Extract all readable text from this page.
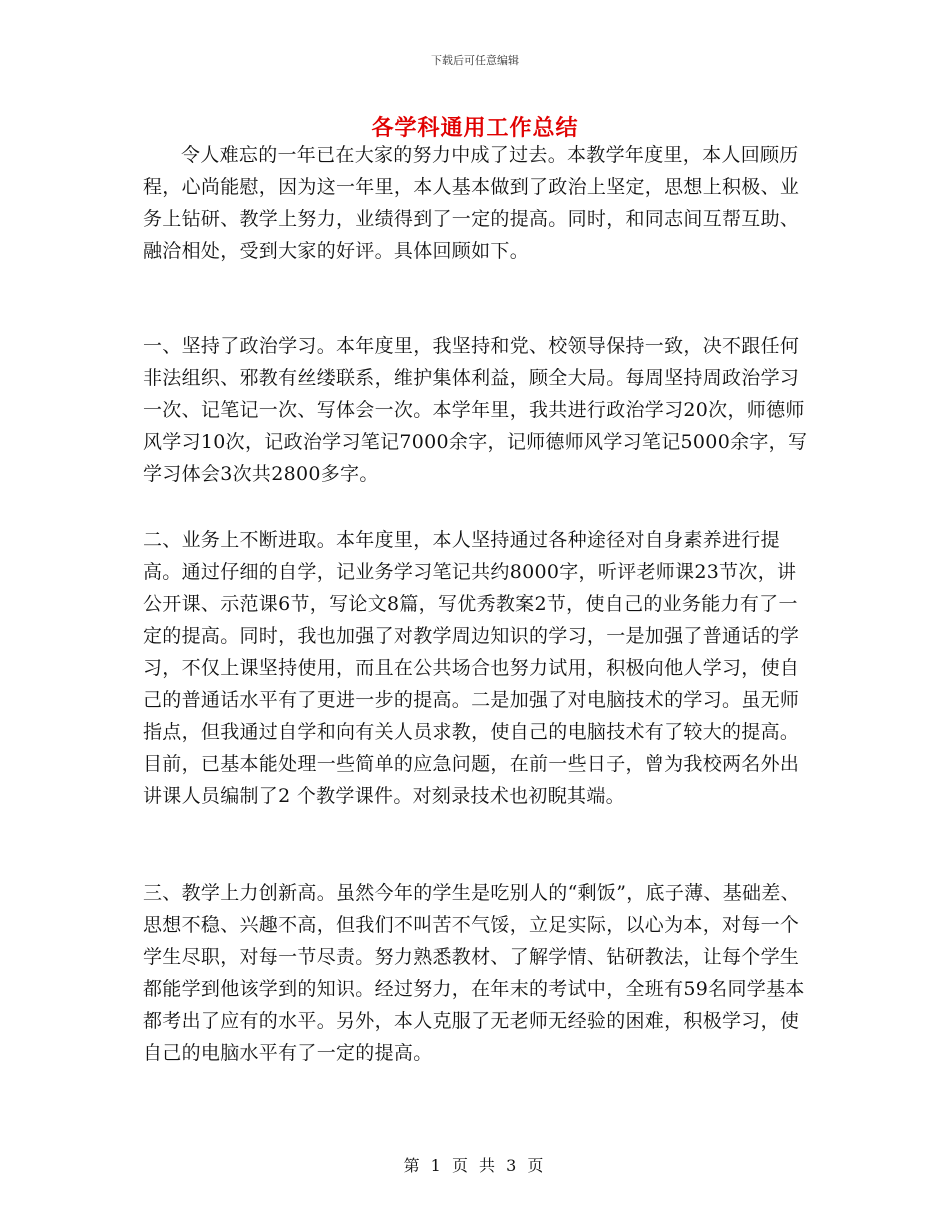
下载后可任意编辑
各学科通用工作总结

令人难忘的一年已在大家的努力中成了过去。本教学年度里，本人回顾历程，心尚能慰，因为这一年里，本人基本做到了政治上坚定，思想上积极、业务上钻研、教学上努力，业绩得到了一定的提高。同时，和同志间互帮互助、融洽相处，受到大家的好评。具体回顾如下。

一、坚持了政治学习。本年度里，我坚持和党、校领导保持一致，决不跟任何非法组织、邪教有丝缕联系，维护集体利益，顾全大局。每周坚持周政治学习一次、记笔记一次、写体会一次。本学年里，我共进行政治学习20次，师德师风学习10次，记政治学习笔记7000余字，记师德师风学习笔记5000余字，写学习体会3次共2800多字。

二、业务上不断进取。本年度里，本人坚持通过各种途径对自身素养进行提高。通过仔细的自学，记业务学习笔记共约8000字，听评老师课23节次，讲公开课、示范课6节，写论文8篇，写优秀教案2节，使自己的业务能力有了一定的提高。同时，我也加强了对教学周边知识的学习，一是加强了普通话的学习，不仅上课坚持使用，而且在公共场合也努力试用，积极向他人学习，使自己的普通话水平有了更进一步的提高。二是加强了对电脑技术的学习。虽无师指点，但我通过自学和向有关人员求教，使自己的电脑技术有了较大的提高。目前，已基本能处理一些简单的应急问题，在前一些日子，曾为我校两名外出讲课人员编制了2 个教学课件。对刻录技术也初睨其端。

三、教学上力创新高。虽然今年的学生是吃别人的“剩饭”，底子薄、基础差、思想不稳、兴趣不高，但我们不叫苦不气馁，立足实际，以心为本，对每一个学生尽职，对每一节尽责。努力熟悉教材、了解学情、钻研教法，让每个学生都能学到他该学到的知识。经过努力，在年末的考试中，全班有59名同学基本都考出了应有的水平。另外，本人克服了无老师无经验的困难，积极学习，使自己的电脑水平有了一定的提高。

第 1 页 共 3 页
